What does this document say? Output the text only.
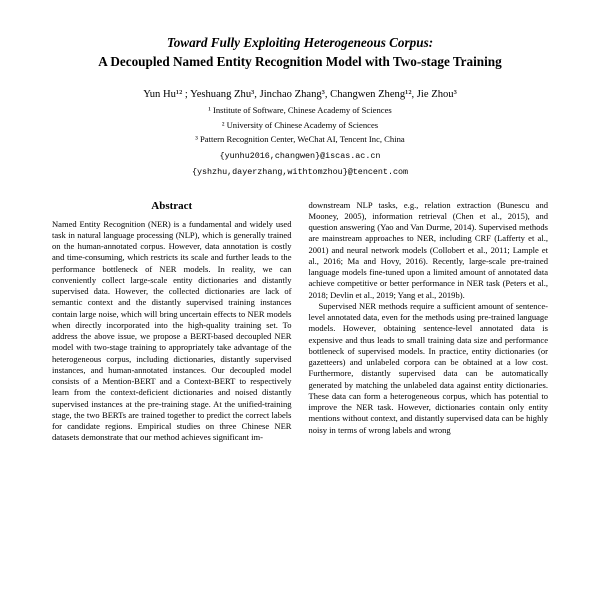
Toward Fully Exploiting Heterogeneous Corpus:
A Decoupled Named Entity Recognition Model with Two-stage Training
Yun Hu¹² ; Yeshuang Zhu³, Jinchao Zhang³, Changwen Zheng¹², Jie Zhou³
¹ Institute of Software, Chinese Academy of Sciences
² University of Chinese Academy of Sciences
³ Pattern Recognition Center, WeChat AI, Tencent Inc, China
{yunhu2016,changwen}@iscas.ac.cn
{yshzhu,dayerzhang,withtomzhou}@tencent.com
Abstract

Named Entity Recognition (NER) is a fundamental and widely used task in natural language processing (NLP), which is generally trained on the human-annotated corpus. However, data annotation is costly and time-consuming, which restricts its scale and further leads to the performance bottleneck of NER models. In reality, we can conveniently collect large-scale entity dictionaries and distantly supervised data. However, the collected dictionaries are lack of semantic context and the distantly supervised training instances contain large noise, which will bring uncertain effects to NER models when directly incorporated into the high-quality training set. To address the above issue, we propose a BERT-based decoupled NER model with two-stage training to appropriately take advantage of the heterogeneous corpus, including dictionaries, distantly supervised instances, and human-annotated instances. Our decoupled model consists of a Mention-BERT and a Context-BERT to respectively learn from the context-deficient dictionaries and noised distantly supervised instances at the pre-training stage. At the unified-training stage, the two BERTs are trained together to predict the correct labels for candidate regions. Empirical studies on three Chinese NER datasets demonstrate that our method achieves significant im-

downstream NLP tasks, e.g., relation extraction (Bunescu and Mooney, 2005), information retrieval (Chen et al., 2015), and question answering (Yao and Van Durme, 2014). Supervised methods are mainstream approaches to NER, including CRF (Lafferty et al., 2001) and neural network models (Collobert et al., 2011; Lample et al., 2016; Ma and Hovy, 2016). Recently, large-scale pre-trained language models fine-tuned upon a limited amount of annotated data achieve competitive or better performance in NER task (Peters et al., 2018; Devlin et al., 2019; Yang et al., 2019b).

Supervised NER methods require a sufficient amount of sentence-level annotated data, even for the methods using pre-trained language models. However, obtaining sentence-level annotated data is expensive and thus leads to small training data size and performance bottleneck of supervised models. In practice, entity dictionaries (or gazetteers) and unlabeled corpora can be obtained at a low cost. Furthermore, distantly supervised data can be automatically generated by matching the unlabeled data against entity dictionaries. These data can form a heterogeneous corpus, which has potential to improve the NER task. However, dictionaries contain only entity mentions without context, and distantly supervised data can be highly noisy in terms of wrong labels and wrong
